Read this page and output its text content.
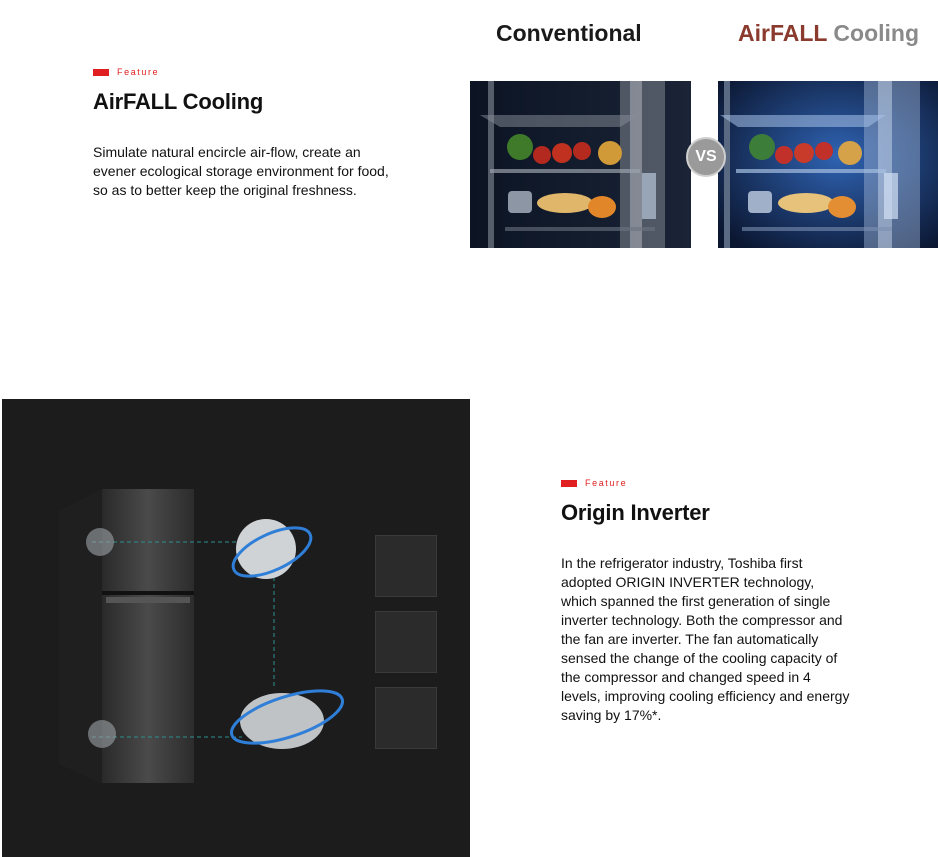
Feature
AirFALL Cooling

Simulate natural encircle air-flow, create an evener ecological storage environment for food, so as to better keep the original freshness.

Conventional	AirFALL Cooling
VS
Feature
Origin Inverter

In the refrigerator industry, Toshiba first adopted ORIGIN INVERTER technology, which spanned the first generation of single inverter technology. Both the compressor and the fan are inverter. The fan automatically sensed the change of the cooling capacity of the compressor and changed speed in 4 levels, improving cooling efficiency and energy saving by 17%*.
